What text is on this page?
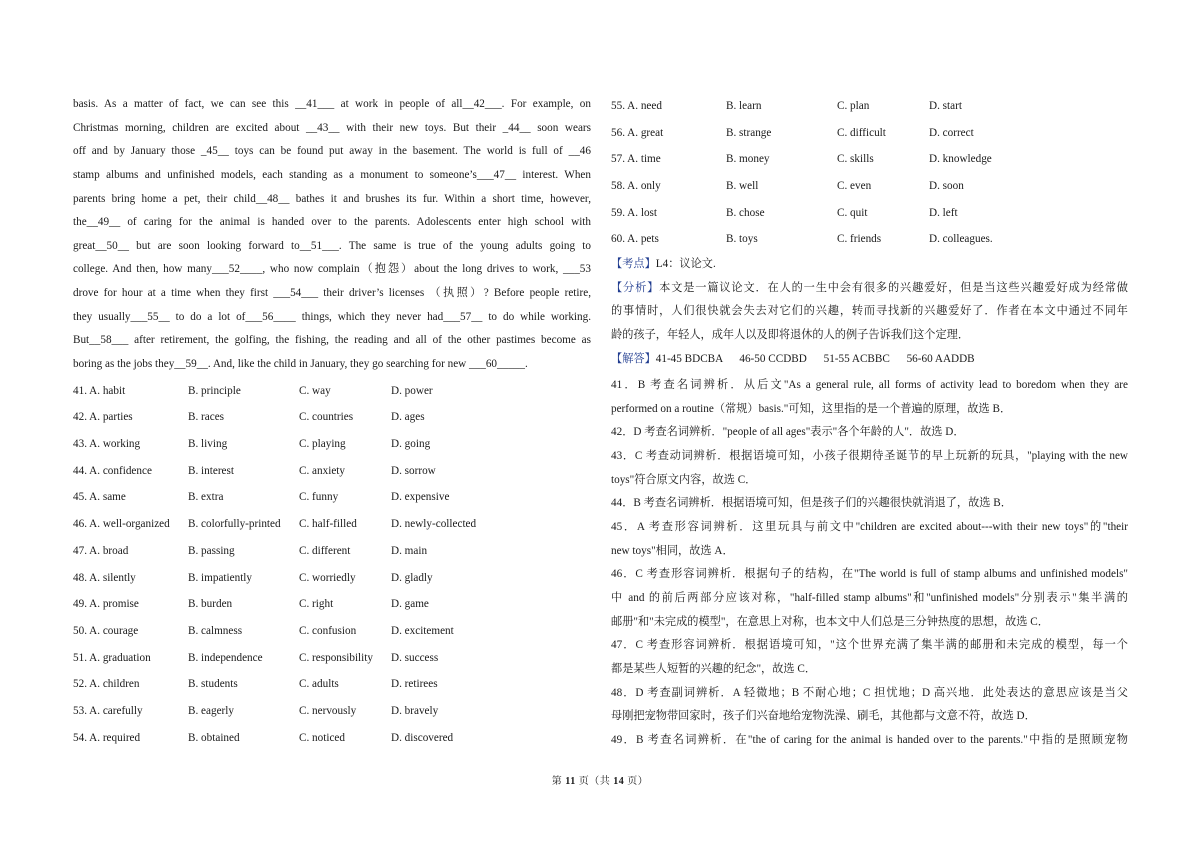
basis. As a matter of fact, we can see this __41___ at work in people of all__42___. For example, on
Christmas morning, children are excited about __43__ with their new toys. But their _44__ soon wears
off and by January those _45__ toys can be found put away in the basement. The world is full of __46
stamp albums and unfinished models, each standing as a monument to someone’s___47__ interest. When
parents bring home a pet, their child__48__ bathes it and brushes its fur. Within a short time, however,
the__49__ of caring for the animal is handed over to the parents. Adolescents enter high school with
great__50__ but are soon looking forward to__51___. The same is true of the young adults going to
college. And then, how many___52____, who now complain（抱怨）about the long drives to work, ___53
drove for hour at a time when they first ___54___ their driver’s licenses （执照）? Before people retire,
they usually___55__ to do a lot of___56____ things, which they never had___57__ to do while working.
But__58___ after retirement, the golfing, the fishing, the reading and all of the other pastimes become as
boring as the jobs they__59__. And, like the child in January, they go searching for new ___60_____.
41. A. habit	B. principle	C. way	D. power
42. A. parties	B. races	C. countries	D. ages
43. A. working	B. living	C. playing	D. going
44. A. confidence	B. interest	C. anxiety	D. sorrow
45. A. same	B. extra	C. funny	D. expensive
46. A. well-organized	B. colorfully-printed	C. half-filled	D. newly-collected
47. A. broad	B. passing	C. different	D. main
48. A. silently	B. impatiently	C. worriedly	D. gladly
49. A. promise	B. burden	C. right	D. game
50. A. courage	B. calmness	C. confusion	D. excitement
51. A. graduation	B. independence	C. responsibility	D. success
52. A. children	B. students	C. adults	D. retirees
53. A. carefully	B. eagerly	C. nervously	D. bravely
54. A. required	B. obtained	C. noticed	D. discovered
55. A. need	B. learn	C. plan	D. start
56. A. great	B. strange	C. difficult	D. correct
57. A. time	B. money	C. skills	D. knowledge
58. A. only	B. well	C. even	D. soon
59. A. lost	B. chose	C. quit	D. left
60. A. pets	B. toys	C. friends	D. colleagues.
【考点】L4：议论文.
【分析】本文是一篇议论文．在人的一生中会有很多的兴趣爱好，但是当这些兴趣爱好成为经常做
的事情时，人们很快就会失去对它们的兴趣，转而寻找新的兴趣爱好了．作者在本文中通过不同年
龄的孩子，年轻人，成年人以及即将退休的人的例子告诉我们这个定理．
【解答】41-45 BDCBA      46-50 CCDBD      51-55 ACBBC      56-60 AADDB
41．B 考查名词辨析．从后文"As a general rule, all forms of activity lead to boredom when they are
performed on a routine（常规）basis."可知，这里指的是一个普遍的原理，故选 B．
42．D 考查名词辨析．"people of all ages"表示"各个年龄的人"．故选 D．
43．C 考查动词辨析．根据语境可知，小孩子很期待圣诞节的早上玩新的玩具，"playing with the new
toys"符合原文内容，故选 C．
44．B 考查名词辨析．根据语境可知，但是孩子们的兴趣很快就消退了，故选 B．
45．A 考查形容词辨析．这里玩具与前文中"children are excited about---with their new toys"的"their
new toys"相同，故选 A．
46．C 考查形容词辨析．根据句子的结构，在"The world is full of stamp albums and unfinished models"
中 and 的前后两部分应该对称，"half-filled stamp albums"和"unfinished models"分别表示"集半满的
邮册"和"未完成的模型"，在意思上对称，也本文中人们总是三分钟热度的思想，故选 C．
47．C 考查形容词辨析．根据语境可知，"这个世界充满了集半满的邮册和未完成的模型，每一个
都是某些人短暂的兴趣的纪念"，故选 C．
48．D 考查副词辨析．A 轻微地；B 不耐心地；C 担忧地；D 高兴地．此处表达的意思应该是当父
母刚把宠物带回家时，孩子们兴奋地给宠物洗澡、刷毛，其他都与文意不符，故选 D．
49．B 考查名词辨析．在"the of caring for the animal is handed over to the parents."中指的是照顾宠物
第 11 页（共 14 页）
